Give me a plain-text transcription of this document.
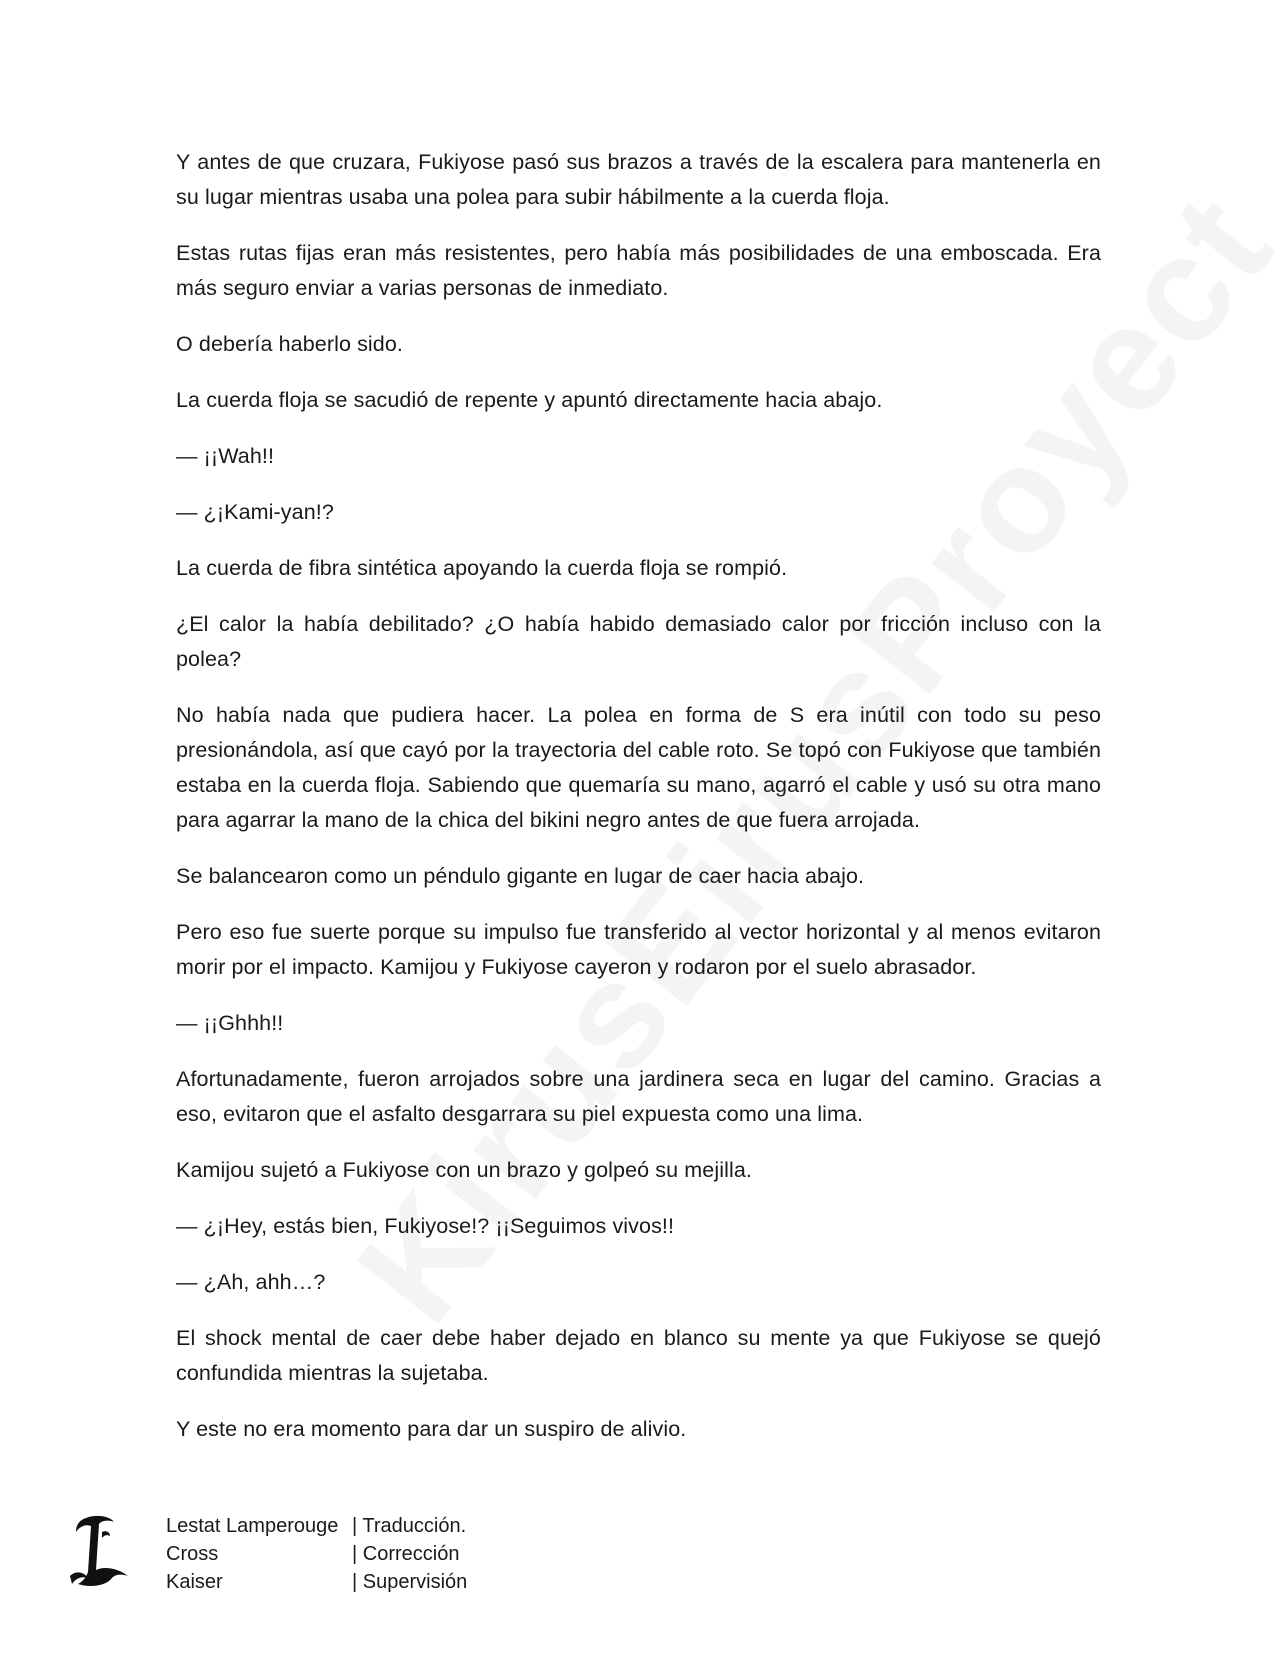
Y antes de que cruzara, Fukiyose pasó sus brazos a través de la escalera para mantenerla en su lugar mientras usaba una polea para subir hábilmente a la cuerda floja.

Estas rutas fijas eran más resistentes, pero había más posibilidades de una emboscada. Era más seguro enviar a varias personas de inmediato.

O debería haberlo sido.

La cuerda floja se sacudió de repente y apuntó directamente hacia abajo.

— ¡¡Wah!!

— ¿¡Kami-yan!?

La cuerda de fibra sintética apoyando la cuerda floja se rompió.

¿El calor la había debilitado? ¿O había habido demasiado calor por fricción incluso con la polea?

No había nada que pudiera hacer. La polea en forma de S era inútil con todo su peso presionándola, así que cayó por la trayectoria del cable roto. Se topó con Fukiyose que también estaba en la cuerda floja. Sabiendo que quemaría su mano, agarró el cable y usó su otra mano para agarrar la mano de la chica del bikini negro antes de que fuera arrojada.

Se balancearon como un péndulo gigante en lugar de caer hacia abajo.

Pero eso fue suerte porque su impulso fue transferido al vector horizontal y al menos evitaron morir por el impacto. Kamijou y Fukiyose cayeron y rodaron por el suelo abrasador.

— ¡¡Ghhh!!

Afortunadamente, fueron arrojados sobre una jardinera seca en lugar del camino. Gracias a eso, evitaron que el asfalto desgarrara su piel expuesta como una lima.

Kamijou sujetó a Fukiyose con un brazo y golpeó su mejilla.

— ¿¡Hey, estás bien, Fukiyose!? ¡¡Seguimos vivos!!

— ¿Ah, ahh…?

El shock mental de caer debe haber dejado en blanco su mente ya que Fukiyose se quejó confundida mientras la sujetaba.

Y este no era momento para dar un suspiro de alivio.

Lestat Lamperouge | Traducción.
Cross	| Corrección
Kaiser	| Supervisión
